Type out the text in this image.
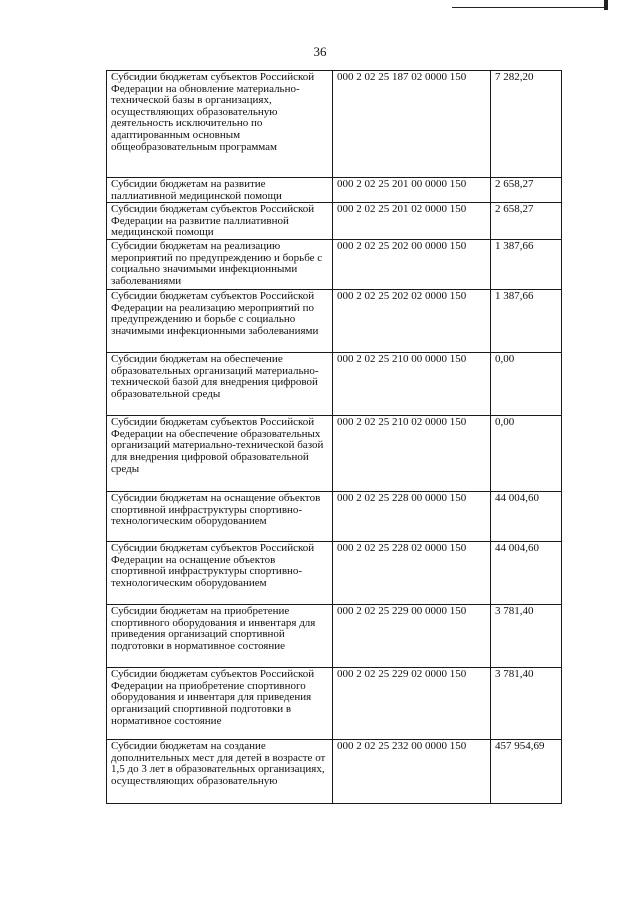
36
Субсидии бюджетам субъектов Российской Федерации на обновление материально-технической базы в организациях, осуществляющих образовательную деятельность исключительно по адаптированным основным общеобразовательным программам	000 2 02 25 187 02 0000 150	7 282,20
Субсидии бюджетам на развитие паллиативной медицинской помощи	000 2 02 25 201 00 0000 150	2 658,27
Субсидии бюджетам субъектов Российской Федерации на развитие паллиативной медицинской помощи	000 2 02 25 201 02 0000 150	2 658,27
Субсидии бюджетам на реализацию мероприятий по предупреждению и борьбе с социально значимыми инфекционными заболеваниями	000 2 02 25 202 00 0000 150	1 387,66
Субсидии бюджетам субъектов Российской Федерации на реализацию мероприятий по предупреждению и борьбе с социально значимыми инфекционными заболеваниями	000 2 02 25 202 02 0000 150	1 387,66
Субсидии бюджетам на обеспечение образовательных организаций материально-технической базой для внедрения цифровой образовательной среды	000 2 02 25 210 00 0000 150	0,00
Субсидии бюджетам субъектов Российской Федерации на обеспечение образовательных организаций материально-технической базой для внедрения цифровой образовательной среды	000 2 02 25 210 02 0000 150	0,00
Субсидии бюджетам на оснащение объектов спортивной инфраструктуры спортивно-технологическим оборудованием	000 2 02 25 228 00 0000 150	44 004,60
Субсидии бюджетам субъектов Российской Федерации на оснащение объектов спортивной инфраструктуры спортивно-технологическим оборудованием	000 2 02 25 228 02 0000 150	44 004,60
Субсидии бюджетам на приобретение спортивного оборудования и инвентаря для приведения организаций спортивной подготовки в нормативное состояние	000 2 02 25 229 00 0000 150	3 781,40
Субсидии бюджетам субъектов Российской Федерации на приобретение спортивного оборудования и инвентаря для приведения организаций спортивной подготовки в нормативное состояние	000 2 02 25 229 02 0000 150	3 781,40
Субсидии бюджетам на создание дополнительных мест для детей в возрасте от 1,5 до 3 лет в образовательных организациях, осуществляющих образовательную	000 2 02 25 232 00 0000 150	457 954,69
